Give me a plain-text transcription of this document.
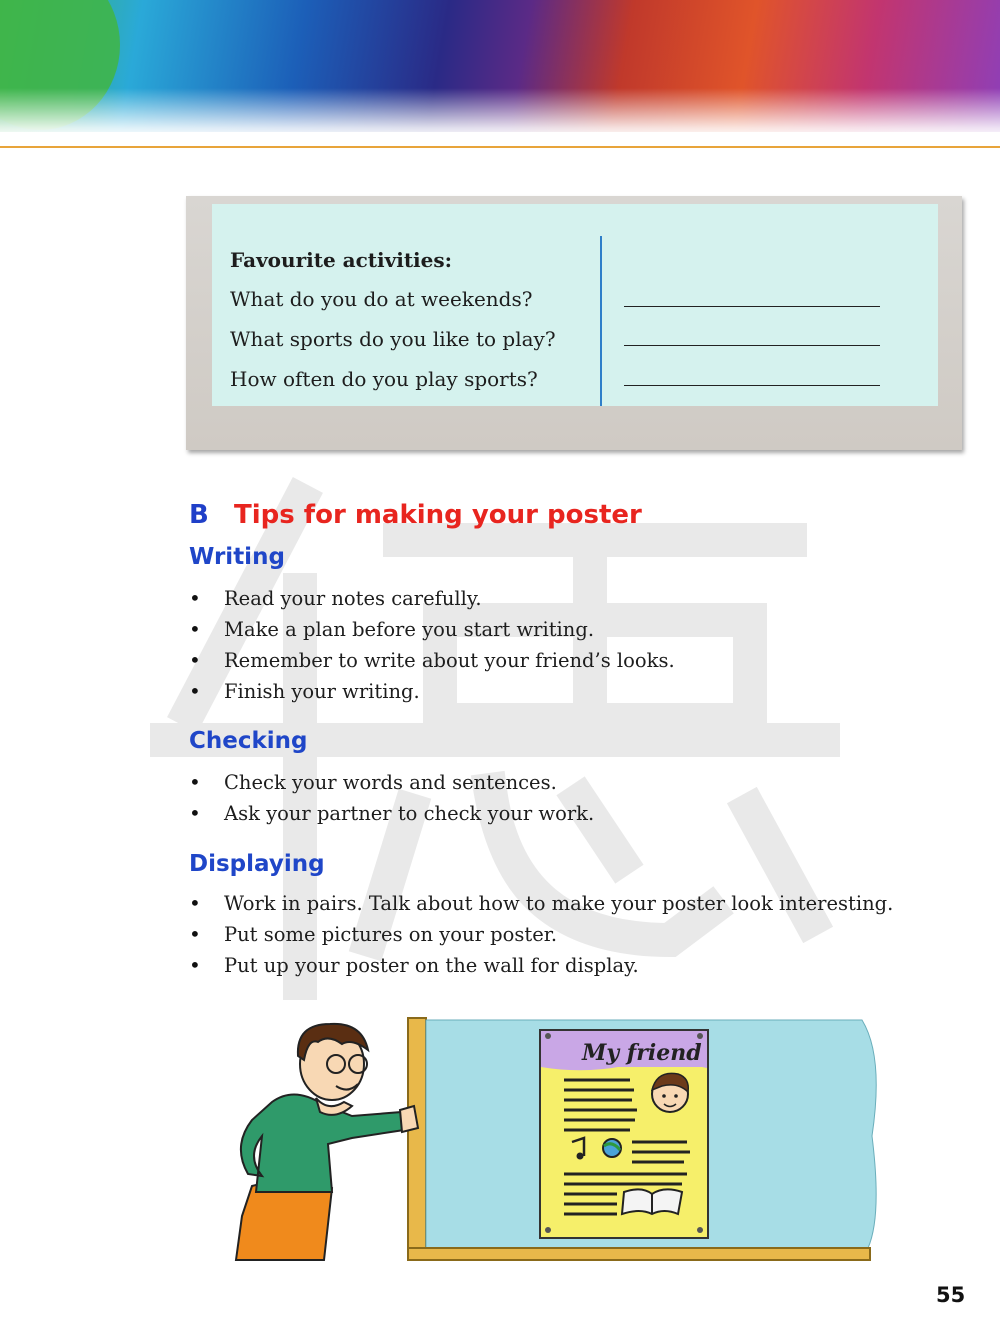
Favourite activities:
What do you do at weekends?
What sports do you like to play?
How often do you play sports?
B Tips for making your poster
Writing
• Read your notes carefully.
• Make a plan before you start writing.
• Remember to write about your friend’s looks.
• Finish your writing.
Checking
• Check your words and sentences.
• Ask your partner to check your work.
Displaying
• Work in pairs. Talk about how to make your poster look interesting.
• Put some pictures on your poster.
• Put up your poster on the wall for display.
My friend
55
